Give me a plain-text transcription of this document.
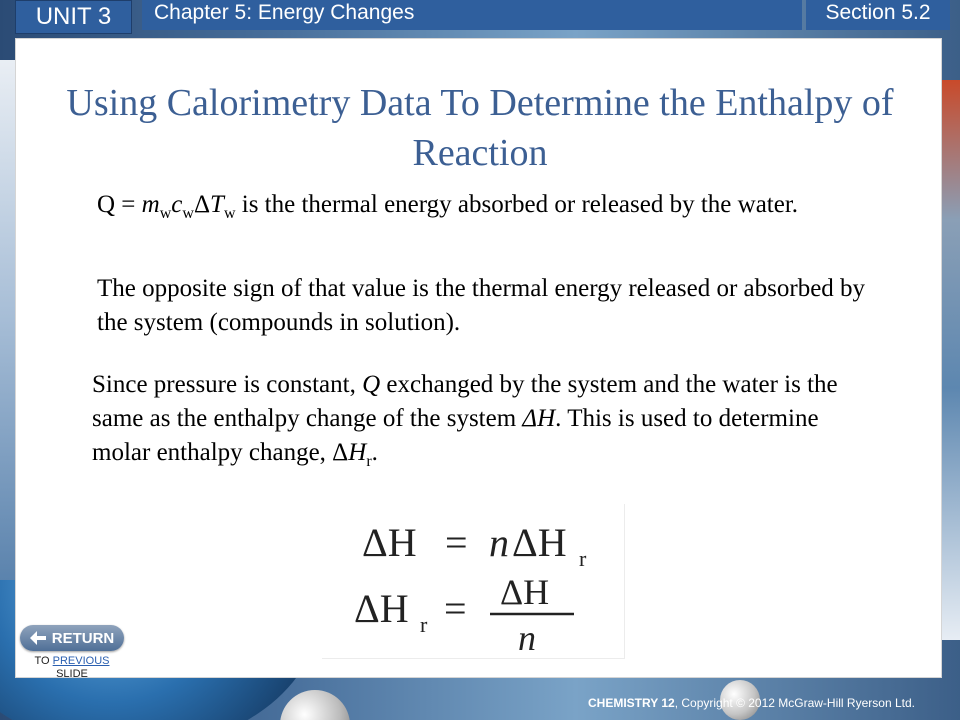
UNIT 3	Chapter 5: Energy Changes	Section 5.2
Using Calorimetry Data To Determine the Enthalpy of Reaction
$Q = m_wc_w\Delta T_w$ is the thermal energy absorbed or released by the water.
The opposite sign of that value is the thermal energy released or absorbed by the system (compounds in solution).
Since pressure is constant, Q exchanged by the system and the water is the same as the enthalpy change of the system ΔH. This is used to determine molar enthalpy change, $\Delta H_r$.
ΔH = n ΔH r
ΔH r = ΔH
n
RETURN
TO PREVIOUS
SLIDE
CHEMISTRY 12, Copyright © 2012 McGraw-Hill Ryerson Ltd.
